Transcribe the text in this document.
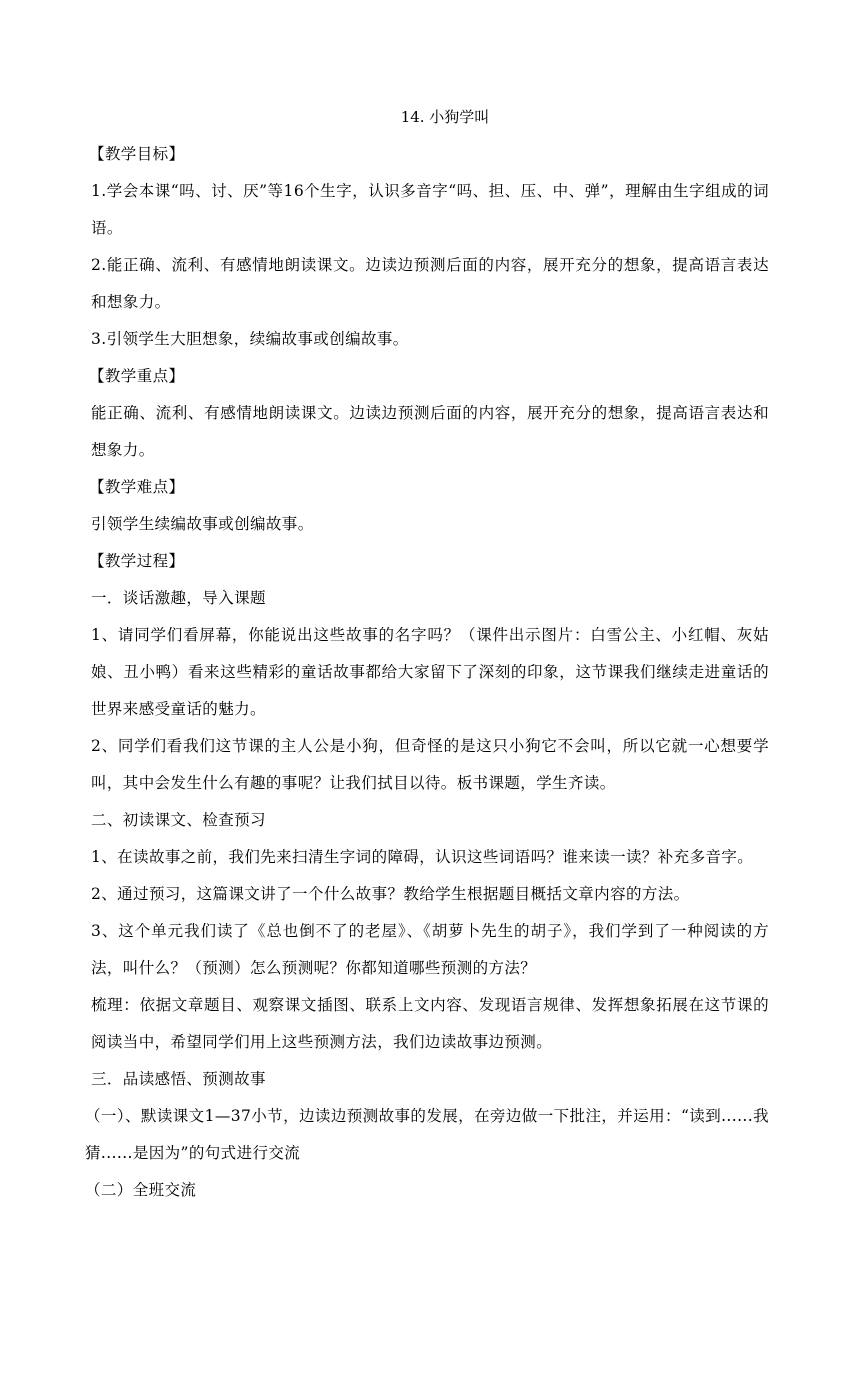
14. 小狗学叫

【教学目标】

1.学会本课“吗、讨、厌”等16个生字，认识多音字“吗、担、压、中、弹”，理解由生字组成的词语。

2.能正确、流利、有感情地朗读课文。边读边预测后面的内容，展开充分的想象，提高语言表达和想象力。

3.引领学生大胆想象，续编故事或创编故事。

【教学重点】

能正确、流利、有感情地朗读课文。边读边预测后面的内容，展开充分的想象，提高语言表达和想象力。

【教学难点】

引领学生续编故事或创编故事。

【教学过程】

一．谈话激趣，导入课题

1、请同学们看屏幕，你能说出这些故事的名字吗？（课件出示图片：白雪公主、小红帽、灰姑娘、丑小鸭）看来这些精彩的童话故事都给大家留下了深刻的印象，这节课我们继续走进童话的世界来感受童话的魅力。

2、同学们看我们这节课的主人公是小狗，但奇怪的是这只小狗它不会叫，所以它就一心想要学叫，其中会发生什么有趣的事呢？让我们拭目以待。板书课题，学生齐读。

二、初读课文、检查预习

1、在读故事之前，我们先来扫清生字词的障碍，认识这些词语吗？谁来读一读？补充多音字。

2、通过预习，这篇课文讲了一个什么故事？教给学生根据题目概括文章内容的方法。

3、这个单元我们读了《总也倒不了的老屋》、《胡萝卜先生的胡子》，我们学到了一种阅读的方法，叫什么？（预测）怎么预测呢？你都知道哪些预测的方法？

梳理：依据文章题目、观察课文插图、联系上文内容、发现语言规律、发挥想象拓展在这节课的阅读当中，希望同学们用上这些预测方法，我们边读故事边预测。

三．品读感悟、预测故事

（一）、默读课文1—37小节，边读边预测故事的发展，在旁边做一下批注，并运用：“读到......我猜......是因为”的句式进行交流

（二）全班交流
